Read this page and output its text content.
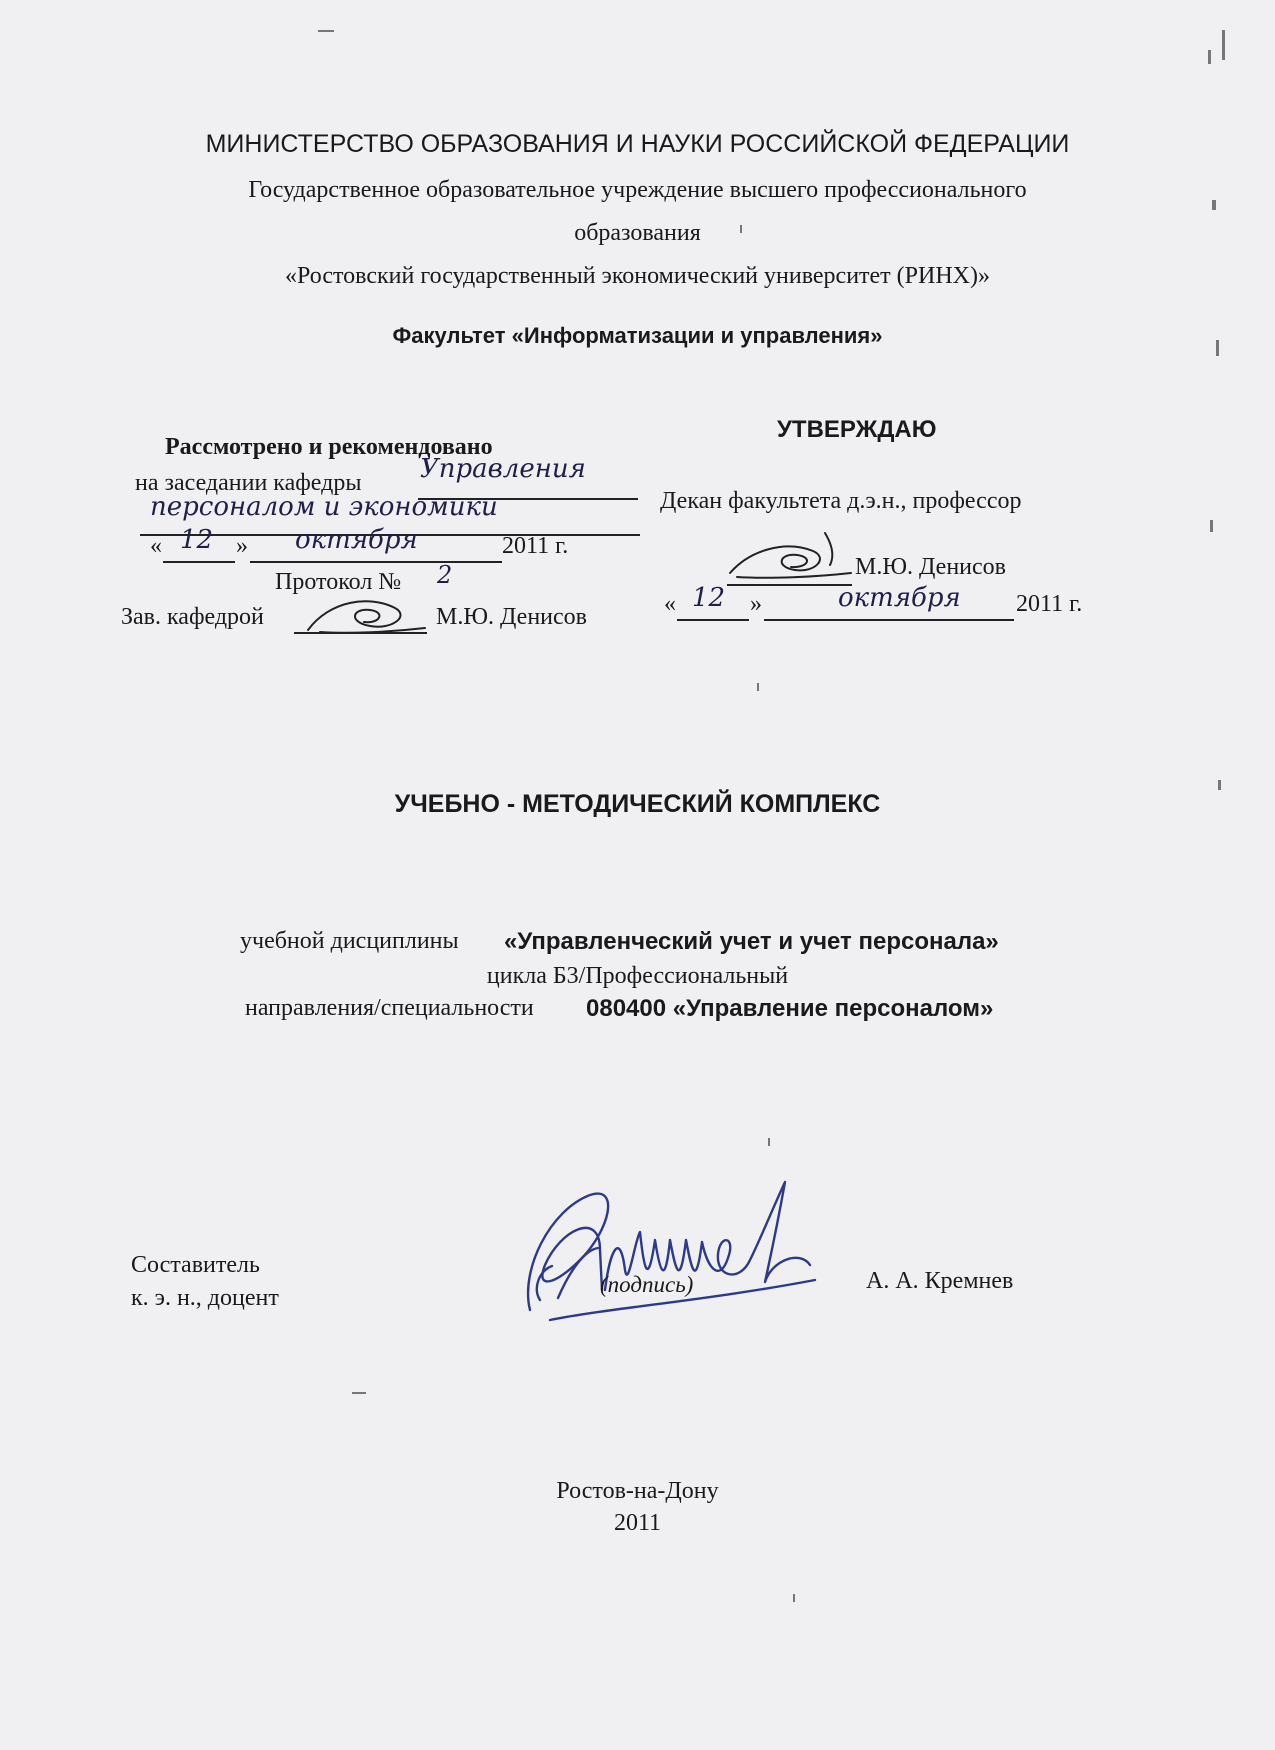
МИНИСТЕРСТВО ОБРАЗОВАНИЯ И НАУКИ РОССИЙСКОЙ ФЕДЕРАЦИИ
Государственное образовательное учреждение высшего профессионального
образования
«Ростовский государственный экономический университет (РИНХ)»
Факультет «Информатизации и управления»
Рассмотрено и рекомендовано
на заседании кафедры Управления
персоналом и экономики
« 12 » октября	2011 г.
Протокол № 2
Зав. кафедрой	М.Ю. Денисов
УТВЕРЖДАЮ
Декан факультета д.э.н., профессор
М.Ю. Денисов
« 12 »	октября 2011 г.
УЧЕБНО - МЕТОДИЧЕСКИЙ КОМПЛЕКС
учебной дисциплины «Управленческий учет и учет персонала»
цикла Б3/Профессиональный
направления/специальности 080400 «Управление персоналом»
Составитель
к. э. н., доцент
(подпись)	А. А. Кремнев
Ростов-на-Дону
2011
